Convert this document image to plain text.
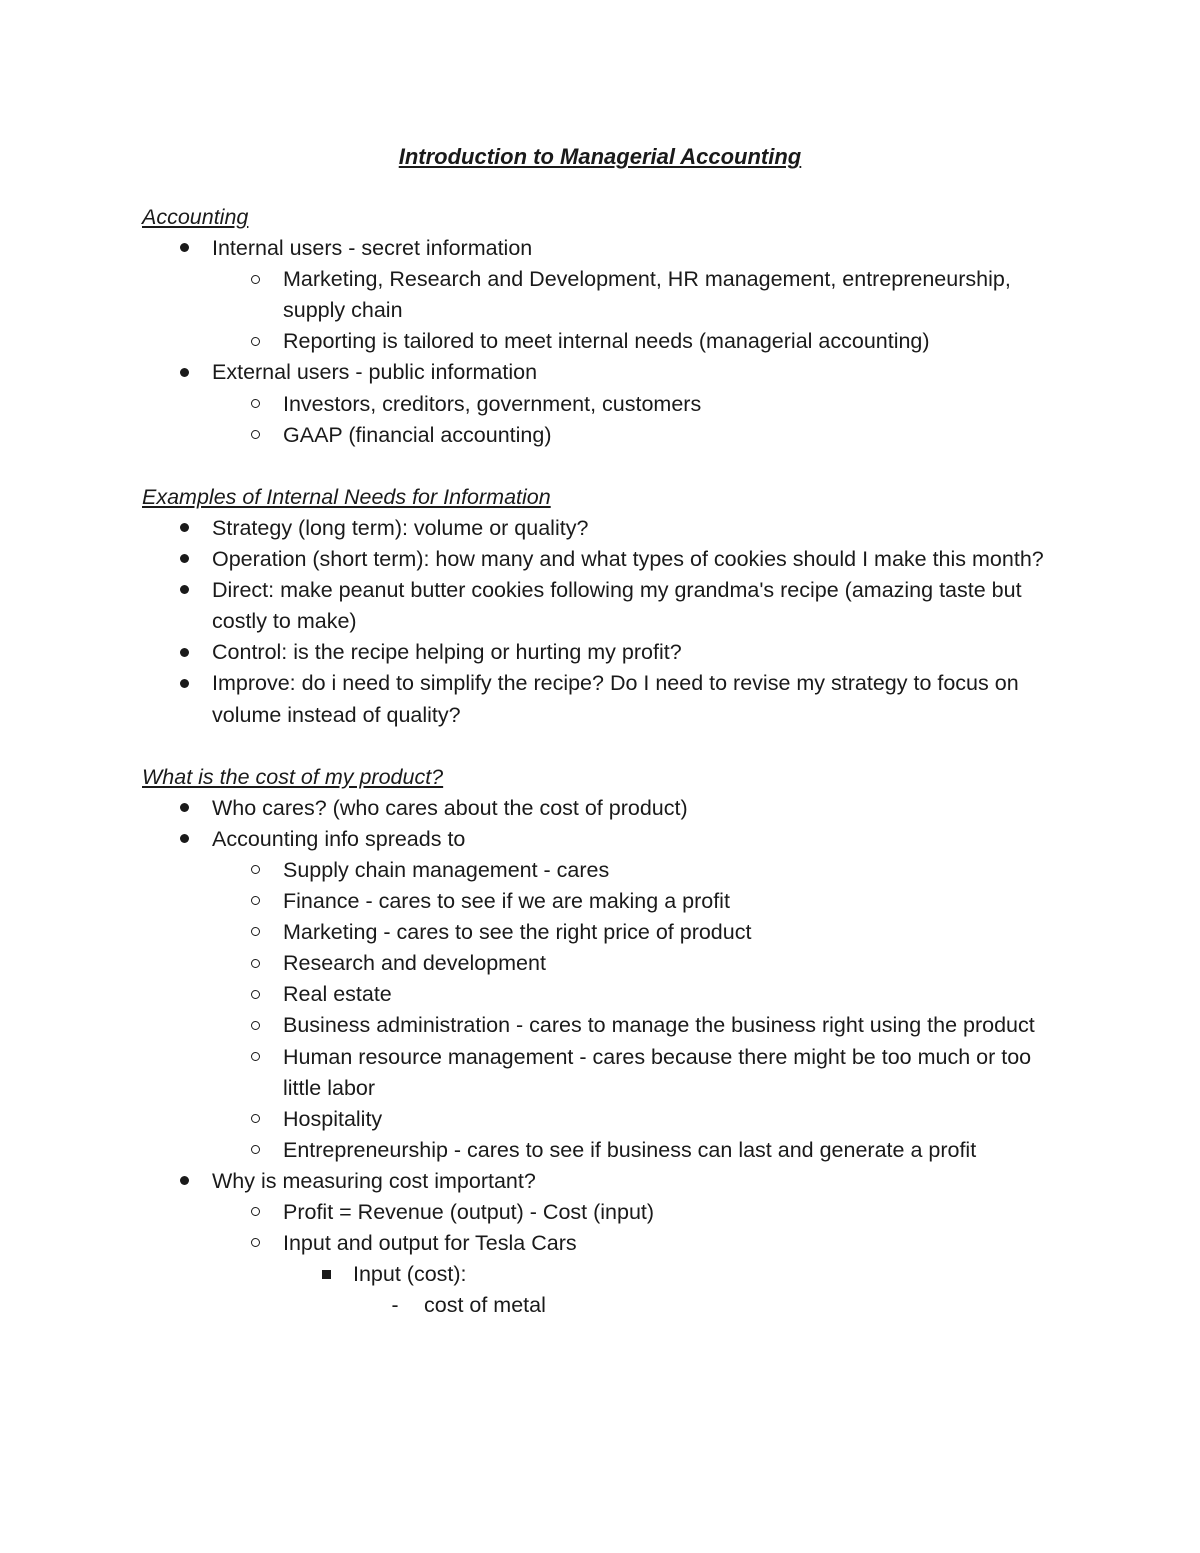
Introduction to Managerial Accounting

Accounting

Internal users - secret information
Marketing, Research and Development, HR management, entrepreneurship, supply chain
Reporting is tailored to meet internal needs (managerial accounting)
External users - public information
Investors, creditors, government, customers
GAAP (financial accounting)

Examples of Internal Needs for Information

Strategy (long term): volume or quality?
Operation (short term): how many and what types of cookies should I make this month?
Direct: make peanut butter cookies following my grandma's recipe (amazing taste but costly to make)
Control: is the recipe helping or hurting my profit?
Improve: do i need to simplify the recipe? Do I need to revise my strategy to focus on volume instead of quality?

What is the cost of my product?

Who cares? (who cares about the cost of product)
Accounting info spreads to
Supply chain management - cares
Finance - cares to see if we are making a profit
Marketing - cares to see the right price of product
Research and development
Real estate
Business administration - cares to manage the business right using the product
Human resource management - cares because there might be too much or too little labor
Hospitality
Entrepreneurship - cares to see if business can last and generate a profit
Why is measuring cost important?
Profit = Revenue (output) - Cost (input)
Input and output for Tesla Cars
Input (cost):
-	cost of metal
